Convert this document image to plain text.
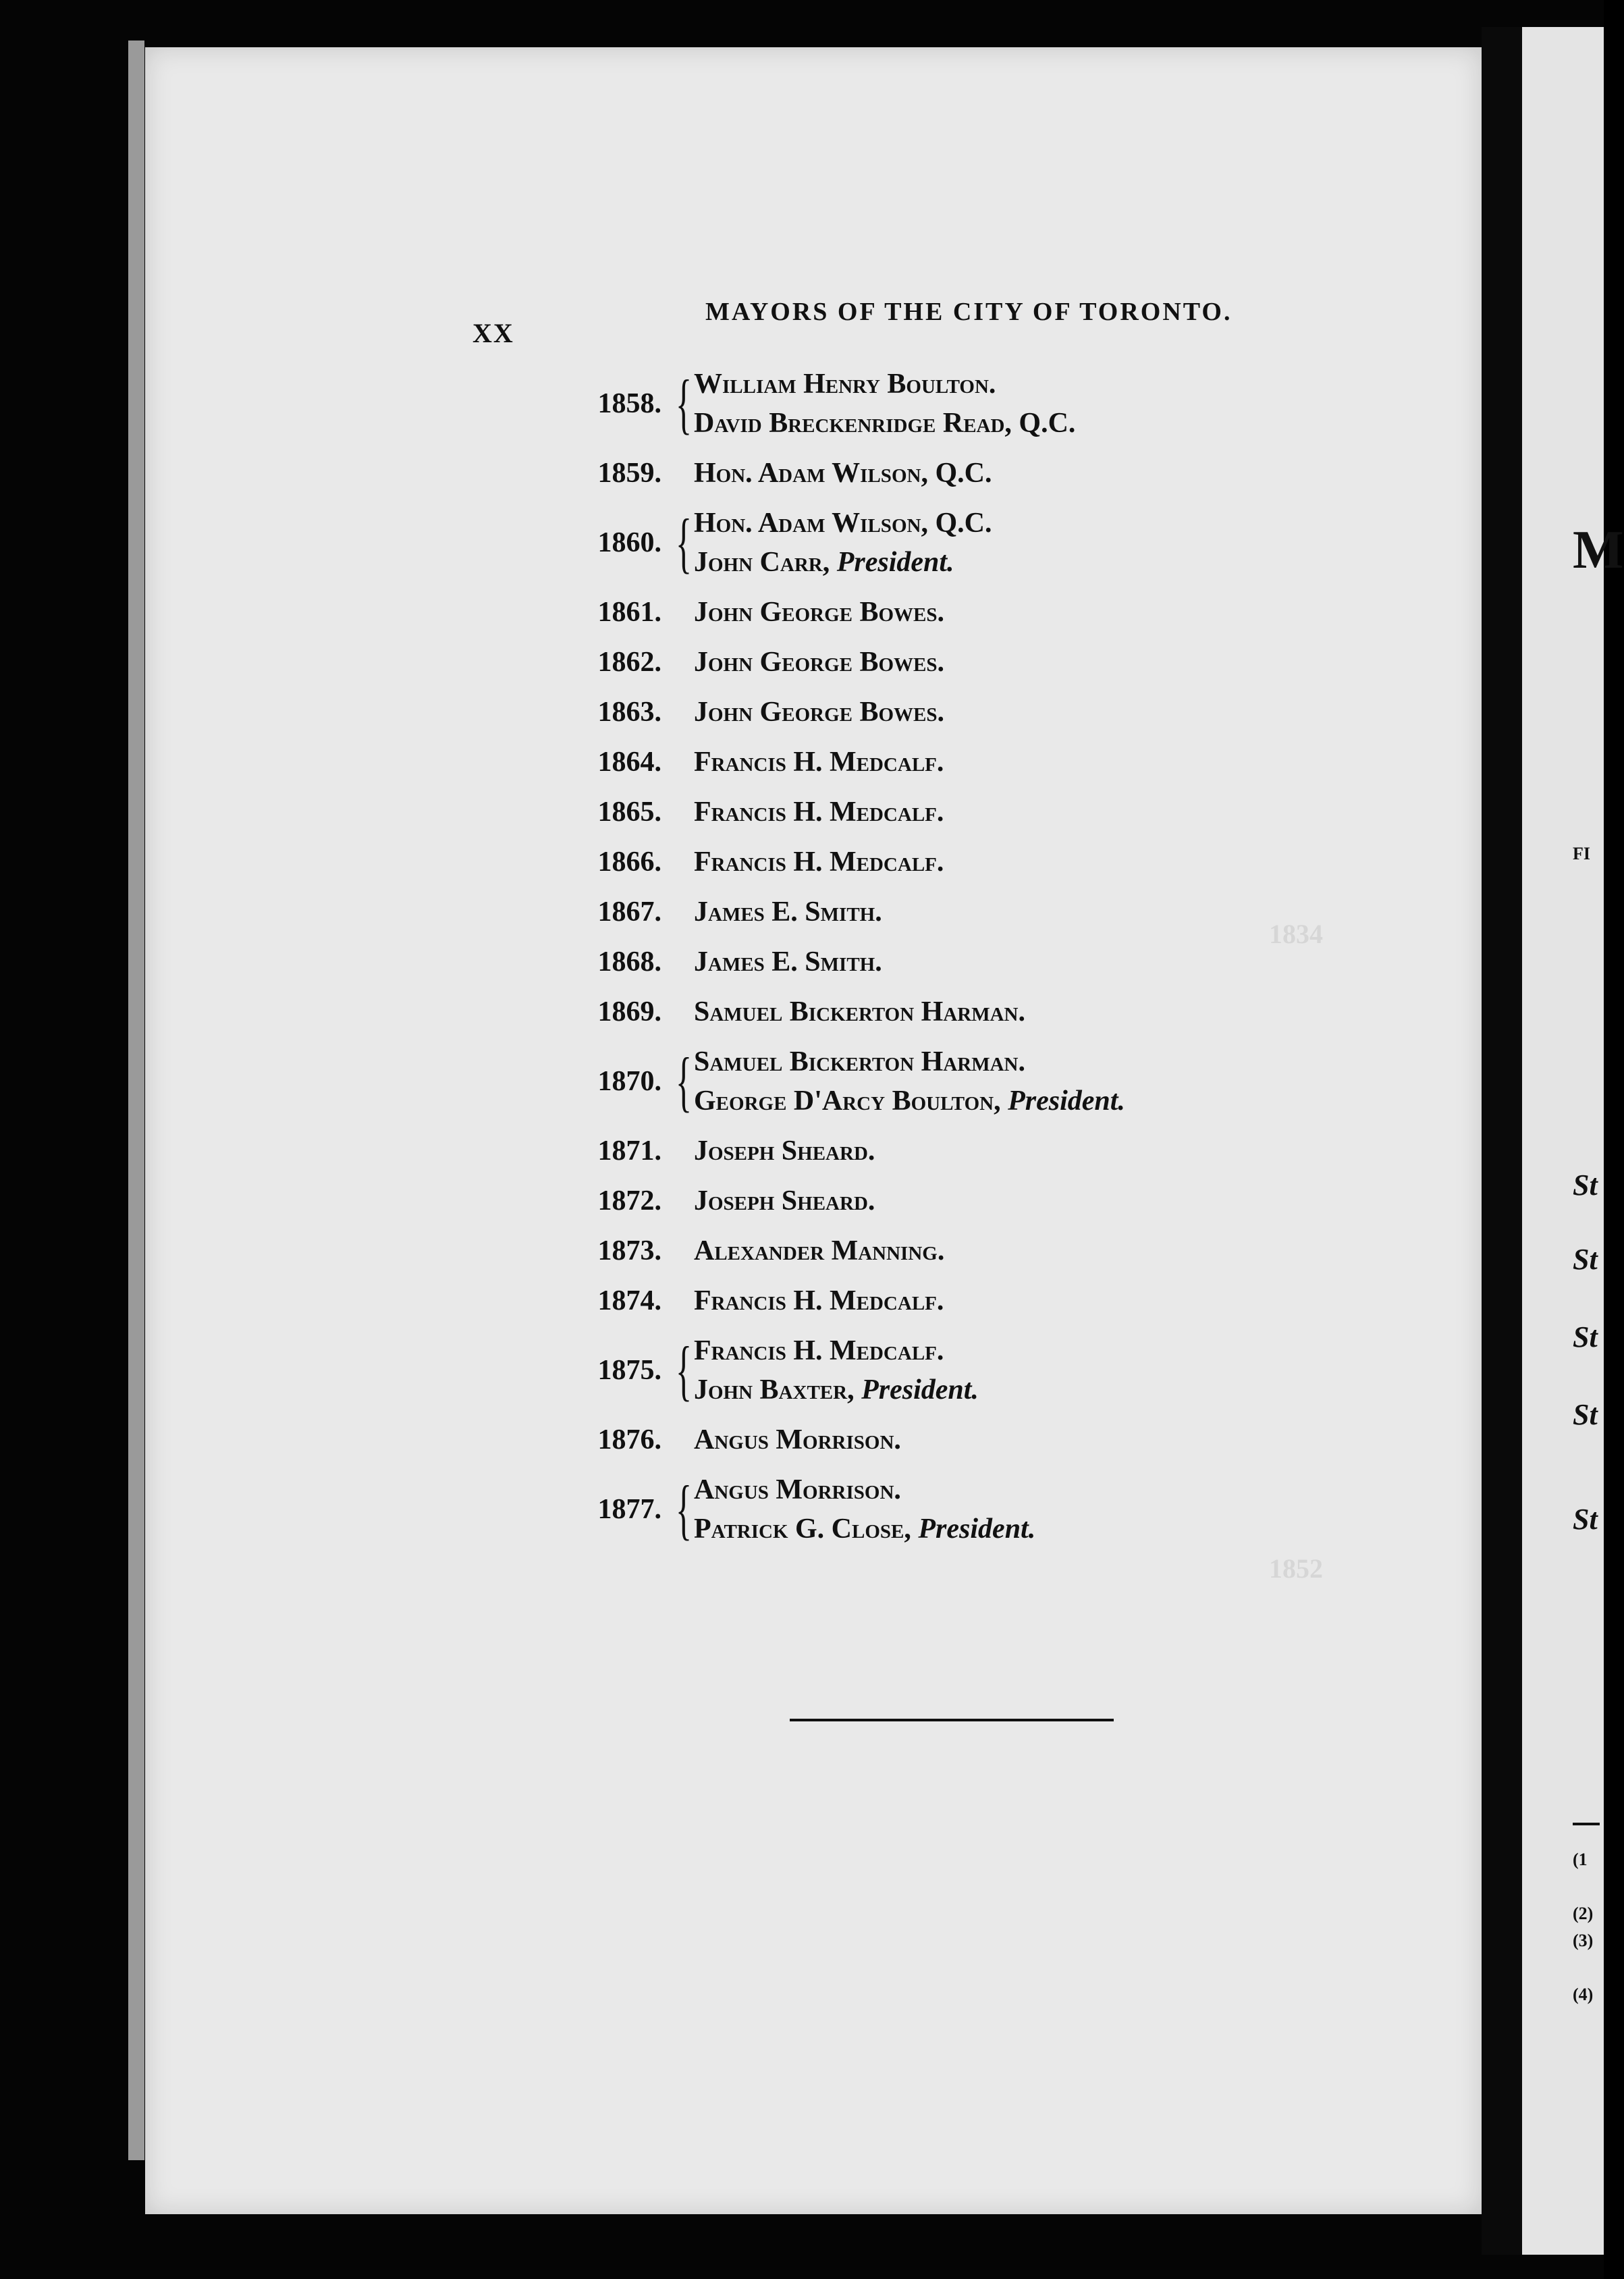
1834
1852
XX
MAYORS OF THE CITY OF TORONTO.
1858. { William Henry Boulton.
David Breckenridge Read, Q.C.
1859.	Hon. Adam Wilson, Q.C.
1860. { Hon. Adam Wilson, Q.C.
John Carr, President.
1861.	John George Bowes.
1862.	John George Bowes.
1863.	John George Bowes.
1864.	Francis H. Medcalf.
1865.	Francis H. Medcalf.
1866.	Francis H. Medcalf.
1867.	James E. Smith.
1868.	James E. Smith.
1869.	Samuel Bickerton Harman.
1870. { Samuel Bickerton Harman.
George D'Arcy Boulton, President.
1871.	Joseph Sheard.
1872.	Joseph Sheard.
1873.	Alexander Manning.
1874.	Francis H. Medcalf.
1875. { Francis H. Medcalf.
John Baxter, President.
1876.	Angus Morrison.
1877. { Angus Morrison.
Patrick G. Close, President.
M
FI
St
St
St
St
St
(1
(2)
(3)
(4)
